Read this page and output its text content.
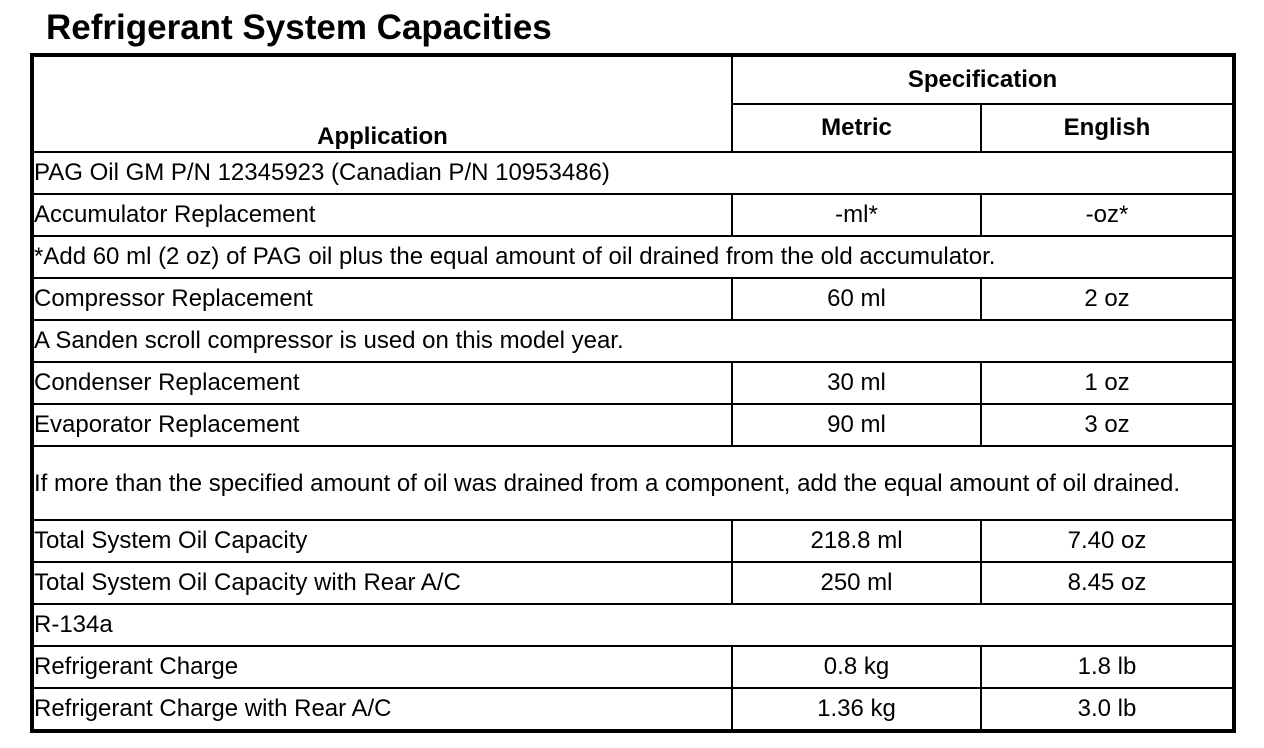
Refrigerant System Capacities
Application	Specification	
	Metric	English
PAG Oil GM P/N 12345923 (Canadian P/N 10953486)		
Accumulator Replacement	-ml*	-oz*
*Add 60 ml (2 oz) of PAG oil plus the equal amount of oil drained from the old accumulator.		
Compressor Replacement	60 ml	2 oz
A Sanden scroll compressor is used on this model year.		
Condenser Replacement	30 ml	1 oz
Evaporator Replacement	90 ml	3 oz
If more than the specified amount of oil was drained from a component, add the equal amount of oil drained.		
Total System Oil Capacity	218.8 ml	7.40 oz
Total System Oil Capacity with Rear A/C	250 ml	8.45 oz
R-134a		
Refrigerant Charge	0.8 kg	1.8 lb
Refrigerant Charge with Rear A/C	1.36 kg	3.0 lb
